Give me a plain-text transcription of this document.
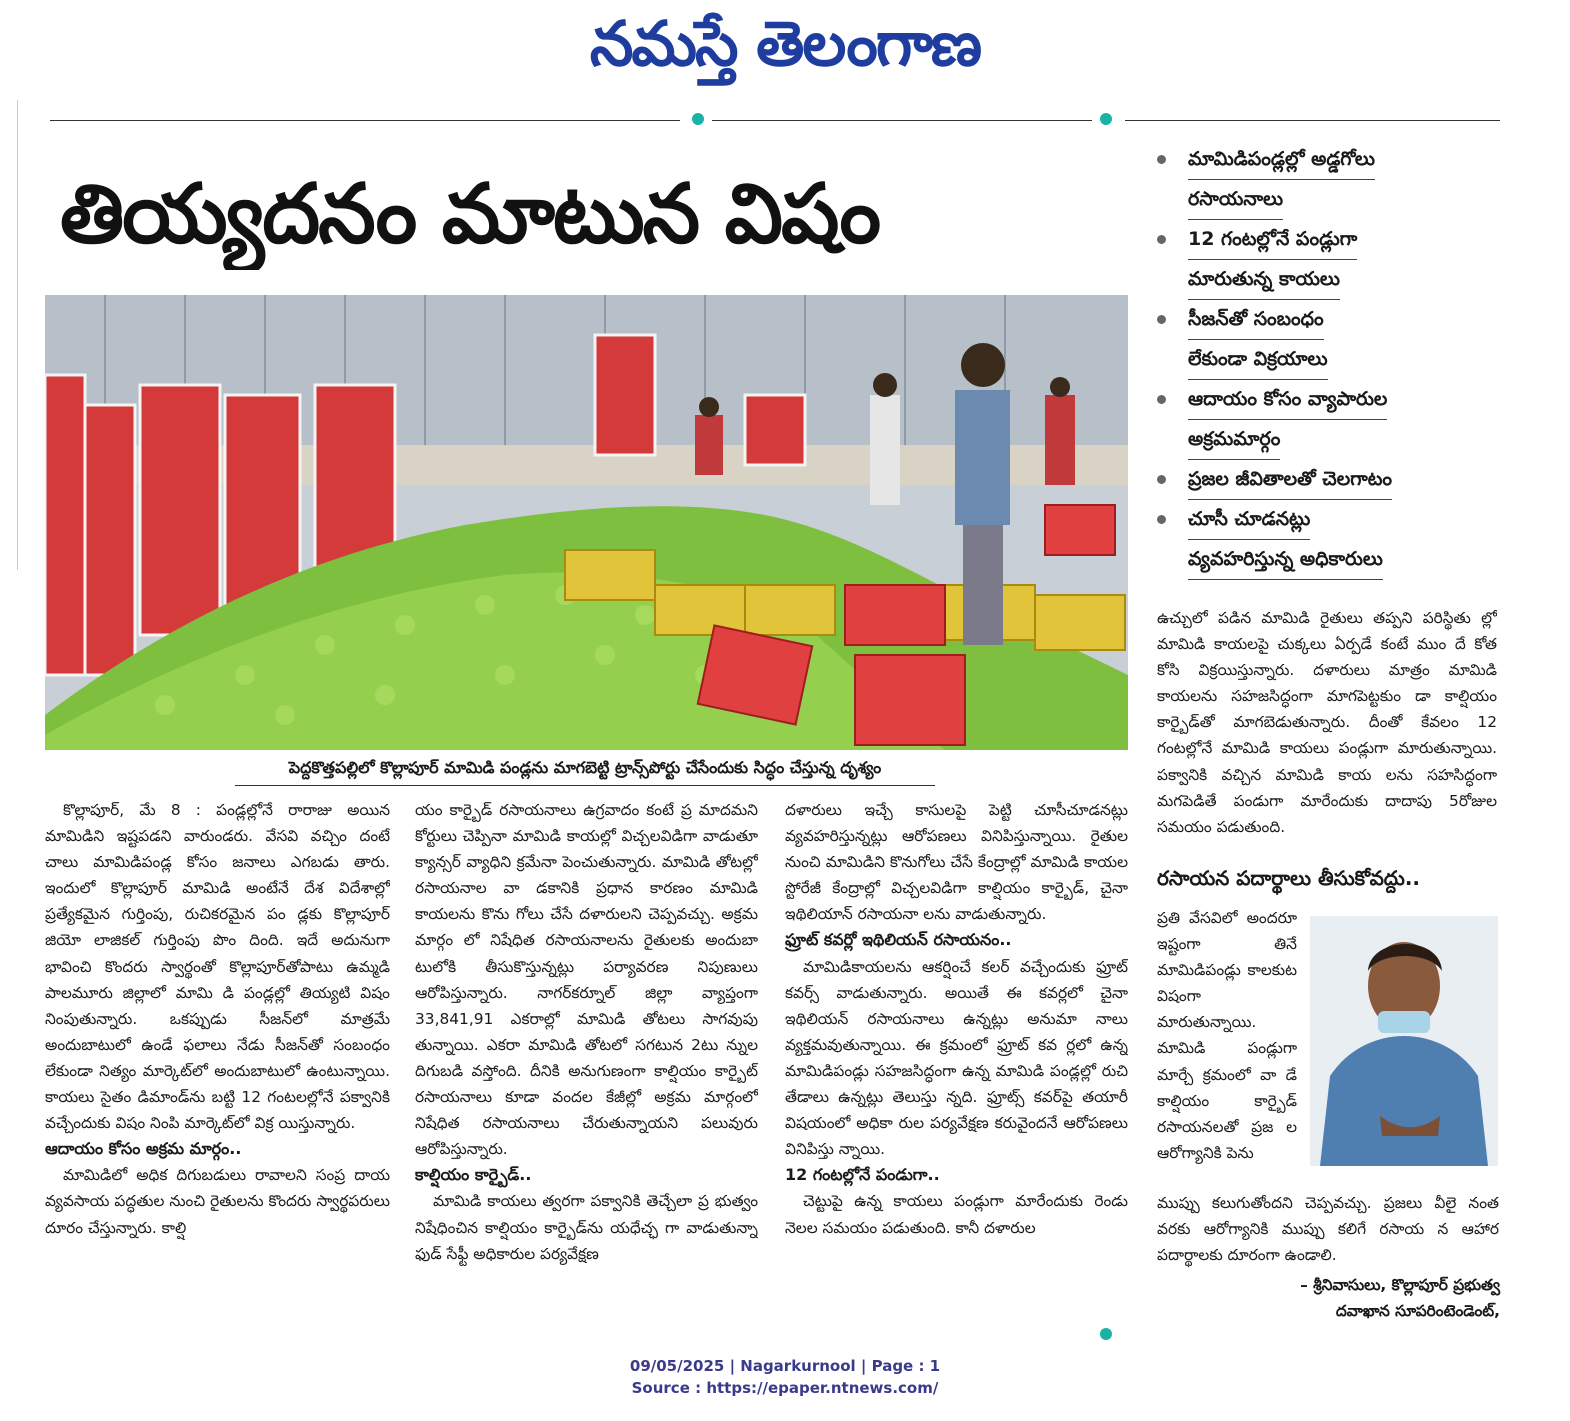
నమస్తే తెలంగాణ
తియ్యదనం మాటున విషం
పెద్దకొత్తపల్లిలో కొల్లాపూర్ మామిడి పండ్లను మాగబెట్టి ట్రాన్స్‌పోర్టు చేసేందుకు సిద్ధం చేస్తున్న దృశ్యం
మామిడిపండ్లల్లో అడ్డగోలు
రసాయనాలు
12 గంటల్లోనే పండ్లుగా
మారుతున్న కాయలు
సీజన్‌తో సంబంధం
లేకుండా విక్రయాలు
ఆదాయం కోసం వ్యాపారుల
అక్రమమార్గం
ప్రజల జీవితాలతో చెలగాటం
చూసీ చూడనట్లు
వ్యవహరిస్తున్న అధికారులు

ఉచ్చులో పడిన మామిడి రైతులు తప్పని పరిస్థితు ల్లో మామిడి కాయలపై చుక్కలు ఏర్పడే కంటే ముం దే కోత కోసి విక్రయిస్తున్నారు. దళారులు మాత్రం మామిడి కాయలను సహజసిద్ధంగా మాగపెట్టకుం డా కాల్షియం కార్బైడ్‌తో మాగబెడుతున్నారు. దీంతో కేవలం 12 గంటల్లోనే మామిడి కాయలు పండ్లుగా మారుతున్నాయి. పక్వానికి వచ్చిన మామిడి కాయ లను సహసిద్ధంగా మగపెడితే పండుగా మారేందుకు దాదాపు 5రోజుల సమయం పడుతుంది.

రసాయన పదార్థాలు తీసుకోవద్దు..

ప్రతి వేసవిలో అందరూ ఇష్టంగా తినే మామిడిపండ్లు కాలకుట విషంగా మారుతున్నాయి. మామిడి పండ్లుగా మార్చే క్రమంలో వా డే కాల్షియం కార్బైడ్ రసాయనలతో ప్రజ ల ఆరోగ్యానికి పెను

ముప్పు కలుగుతోందని చెప్పవచ్చు. ప్రజలు వీలై నంత వరకు ఆరోగ్యానికి ముప్పు కలిగే రసాయ న ఆహార పదార్థాలకు దూరంగా ఉండాలి.

– శ్రీనివాసులు, కొల్లాపూర్ ప్రభుత్వ
దవాఖాన సూపరింటెండెంట్,

కొల్లాపూర్, మే 8 : పండ్లల్లోనే రారాజు అయిన మామిడిని ఇష్టపడని వారుండరు. వేసవి వచ్చిం దంటే చాలు మామిడిపండ్ల కోసం జనాలు ఎగబడు తారు. ఇందులో కొల్లాపూర్ మామిడి అంటేనే దేశ విదేశాల్లో ప్రత్యేకమైన గుర్తింపు, రుచికరమైన పం డ్లకు కొల్లాపూర్ జియో లాజికల్ గుర్తింపు పొం దింది. ఇదే అదునుగా భావించి కొందరు స్వార్థంతో కొల్లాపూర్‌తోపాటు ఉమ్మడి పాలమూరు జిల్లాలో మామి డి పండ్లల్లో తియ్యటి విషం నింపుతున్నారు. ఒకప్పుడు సీజన్‌లో మాత్రమే అందుబాటులో ఉండే ఫలాలు నేడు సీజన్‌తో సంబంధం లేకుండా నిత్యం మార్కెట్‌లో అందుబాటులో ఉంటున్నాయి. కాయలు సైతం డిమాండ్‌ను బట్టి 12 గంటలల్లోనే పక్వానికి వచ్చేందుకు విషం నింపి మార్కెట్‌లో విక్ర యిస్తున్నారు.

ఆదాయం కోసం అక్రమ మార్గం..

మామిడిలో అధిక దిగుబడులు రావాలని సంప్ర దాయ వ్యవసాయ పద్ధతుల నుంచి రైతులను కొందరు స్వార్థపరులు దూరం చేస్తున్నారు. కాల్షి

యం కార్బైడ్ రసాయనాలు ఉగ్రవాదం కంటే ప్ర మాదమని కోర్టులు చెప్పినా మామిడి కాయల్లో విచ్చలవిడిగా వాడుతూ క్యాన్సర్ వ్యాధిని క్రమేనా పెంచుతున్నారు. మామిడి తోటల్లో రసాయనాల వా డకానికి ప్రధాన కారణం మామిడి కాయలను కొను గోలు చేసే దళారులని చెప్పవచ్చు. అక్రమ మార్గం లో నిషేధిత రసాయనాలను రైతులకు అందుబా టులోకి తీసుకొస్తున్నట్లు పర్యావరణ నిపుణులు ఆరోపిస్తున్నారు. నాగర్‌కర్నూల్ జిల్లా వ్యాప్తంగా 33,841,91 ఎకరాల్లో మామిడి తోటలు సాగవుపు తున్నాయి. ఎకరా మామిడి తోటలో సగటున 2టు న్నుల దిగుబడి వస్తోంది. దీనికి అనుగుణంగా కాల్షియం కార్బైట్ రసాయనాలు కూడా వందల కేజీల్లో అక్రమ మార్గంలో నిషేధిత రసాయనాలు చేరుతున్నాయని పలువురు ఆరోపిస్తున్నారు.

కాల్షియం కార్బైడ్..

మామిడి కాయలు త్వరగా పక్వానికి తెచ్చేలా ప్ర భుత్వం నిషేధించిన కాల్షియం కార్బైడ్‌ను యధేచ్ఛ గా వాడుతున్నా ఫుడ్ సేఫ్టీ అధికారుల పర్యవేక్షణ

దళారులు ఇచ్చే కాసులపై పెట్టి చూసీచూడనట్లు వ్యవహరిస్తున్నట్లు ఆరోపణలు వినిపిస్తున్నాయి. రైతుల నుంచి మామిడిని కొనుగోలు చేసే కేంద్రాల్లో మామిడి కాయల స్టోరేజీ కేంద్రాల్లో విచ్చలవిడిగా కాల్షియం కార్బైడ్, చైనా ఇథిలియాన్ రసాయనా లను వాడుతున్నారు.

ఫ్రూట్ కవర్లో ఇథిలియన్ రసాయనం..

మామిడికాయలను ఆకర్షించే కలర్ వచ్చేందుకు ఫ్రూట్ కవర్స్ వాడుతున్నారు. అయితే ఈ కవర్లలో చైనా ఇథిలియన్ రసాయనాలు ఉన్నట్లు అనుమా నాలు వ్యక్తమవుతున్నాయి. ఈ క్రమంలో ఫ్రూట్ కవ ర్లలో ఉన్న మామిడిపండ్లు సహజసిద్ధంగా ఉన్న మామిడి పండ్లల్లో రుచి తేడాలు ఉన్నట్లు తెలుస్తు న్నది. ఫ్రూట్స్ కవర్‌పై తయారీ విషయంలో అధికా రుల పర్యవేక్షణ కరువైందనే ఆరోపణలు వినిపిస్తు న్నాయి.

12 గంటల్లోనే పండుగా..

చెట్టుపై ఉన్న కాయలు పండ్లుగా మారేందుకు రెండు నెలల సమయం పడుతుంది. కానీ దళారుల

09/05/2025 | Nagarkurnool | Page : 1
Source : https://epaper.ntnews.com/
